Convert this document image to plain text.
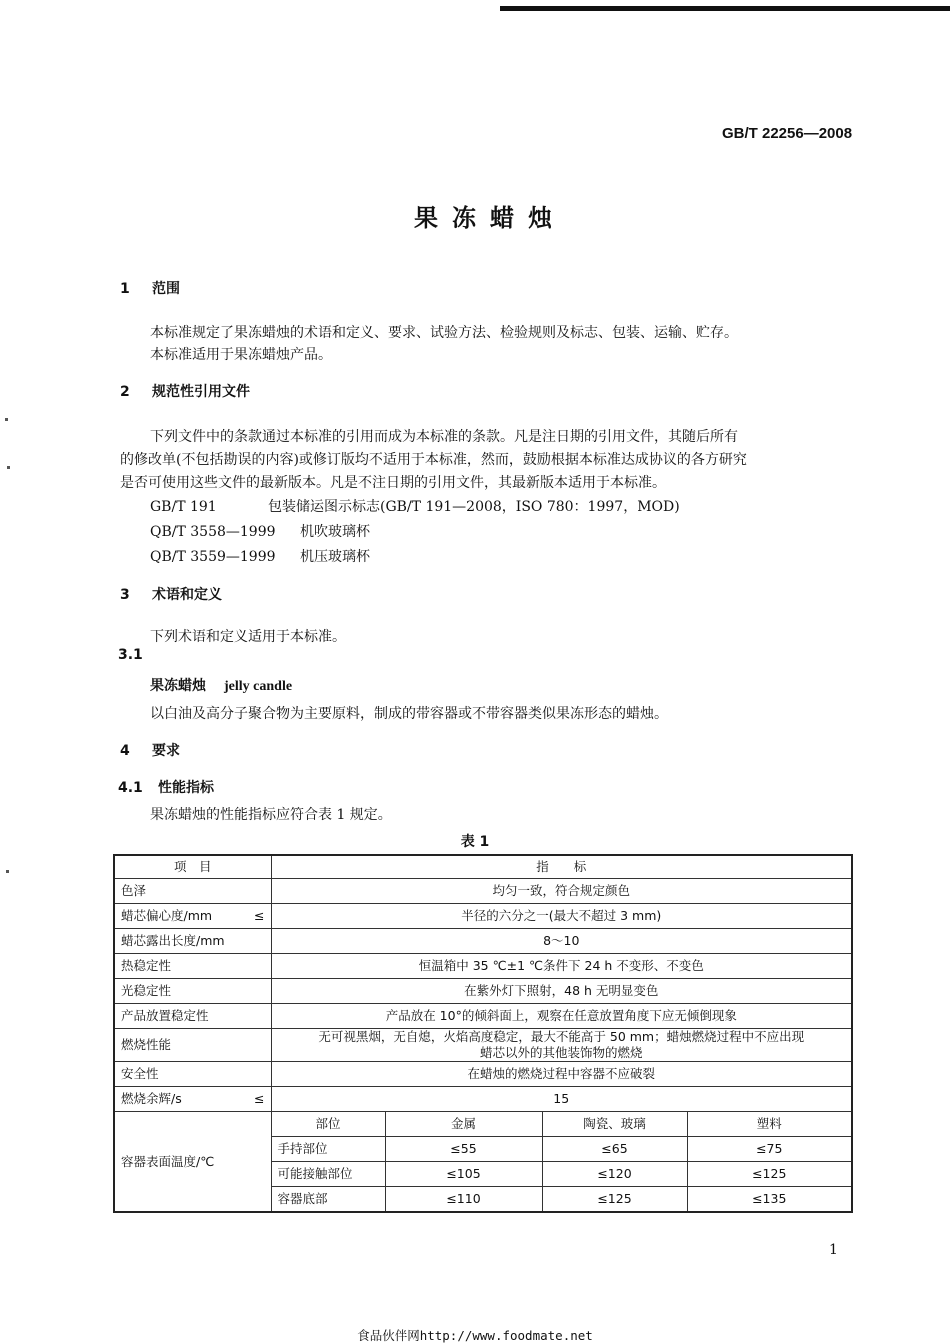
GB/T 22256—2008
果冻蜡烛
1 范围
本标准规定了果冻蜡烛的术语和定义、要求、试验方法、检验规则及标志、包装、运输、贮存。
本标准适用于果冻蜡烛产品。
2 规范性引用文件
下列文件中的条款通过本标准的引用而成为本标准的条款。凡是注日期的引用文件，其随后所有
的修改单(不包括勘误的内容)或修订版均不适用于本标准，然而，鼓励根据本标准达成协议的各方研究
是否可使用这些文件的最新版本。凡是不注日期的引用文件，其最新版本适用于本标准。
GB/T 191	包装储运图示标志(GB/T 191—2008，ISO 780：1997，MOD)
QB/T 3558—1999 机吹玻璃杯
QB/T 3559—1999 机压玻璃杯
3 术语和定义
下列术语和定义适用于本标准。
3.1
果冻蜡烛 jelly candle
以白油及高分子聚合物为主要原料，制成的带容器或不带容器类似果冻形态的蜡烛。
4 要求
4.1 性能指标
果冻蜡烛的性能指标应符合表 1 规定。
表 1
项　目	指　　标			
色泽	均匀一致，符合规定颜色			

蜡芯偏心度/mm ≤	半径的六分之一(最大不超过 3 mm)			
蜡芯露出长度/mm	8～10			
热稳定性	恒温箱中 35 ℃±1 ℃条件下 24 h 不变形、不变色			
光稳定性	在紫外灯下照射，48 h 无明显变色			
产品放置稳定性	产品放在 10°的倾斜面上，观察在任意放置角度下应无倾倒现象			
燃烧性能	无可视黑烟，无自熄，火焰高度稳定，最大不能高于 50 mm；蜡烛燃烧过程中不应出现
蜡芯以外的其他装饰物的燃烧			

安全性	在蜡烛的燃烧过程中容器不应破裂			

燃烧余辉/s ≤	15			
容器表面温度/℃	部位	金属	陶瓷、玻璃	塑料
	手持部位	≤55	≤65	≤75
	可能接触部位	≤105	≤120	≤125
	容器底部	≤110	≤125	≤135
1
食品伙伴网http://www.foodmate.net
